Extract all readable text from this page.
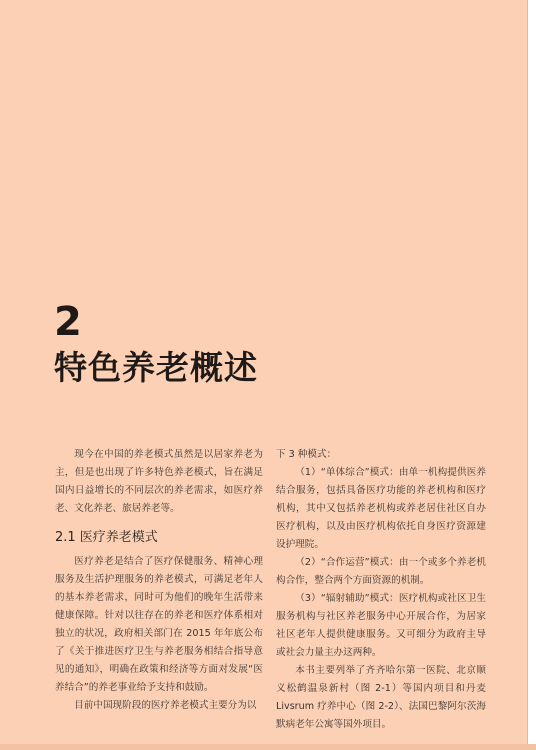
2
特色养老概述

现今在中国的养老模式虽然是以居家养老为主，但是也出现了许多特色养老模式，旨在满足国内日益增长的不同层次的养老需求，如医疗养老、文化养老、旅居养老等。

2.1 医疗养老模式

医疗养老是结合了医疗保健服务、精神心理服务及生活护理服务的养老模式，可满足老年人的基本养老需求，同时可为他们的晚年生活带来健康保障。针对以往存在的养老和医疗体系相对独立的状况，政府相关部门在 2015 年年底公布了《关于推进医疗卫生与养老服务相结合指导意见的通知》，明确在政策和经济等方面对发展“医养结合”的养老事业给予支持和鼓励。

目前中国现阶段的医疗养老模式主要分为以

下 3 种模式：

（1）“单体综合”模式：由单一机构提供医养结合服务，包括具备医疗功能的养老机构和医疗机构，其中又包括养老机构或养老居住社区自办医疗机构，以及由医疗机构依托自身医疗资源建设护理院。

（2）“合作运营”模式：由一个或多个养老机构合作，整合两个方面资源的机制。

（3）“辐射辅助”模式：医疗机构或社区卫生服务机构与社区养老服务中心开展合作，为居家社区老年人提供健康服务。又可细分为政府主导或社会力量主办这两种。

本书主要列举了齐齐哈尔第一医院、北京顺义松鹤温泉新村（图 2-1）等国内项目和丹麦 Livsrum 疗养中心（图 2-2）、法国巴黎阿尔茨海默病老年公寓等国外项目。
